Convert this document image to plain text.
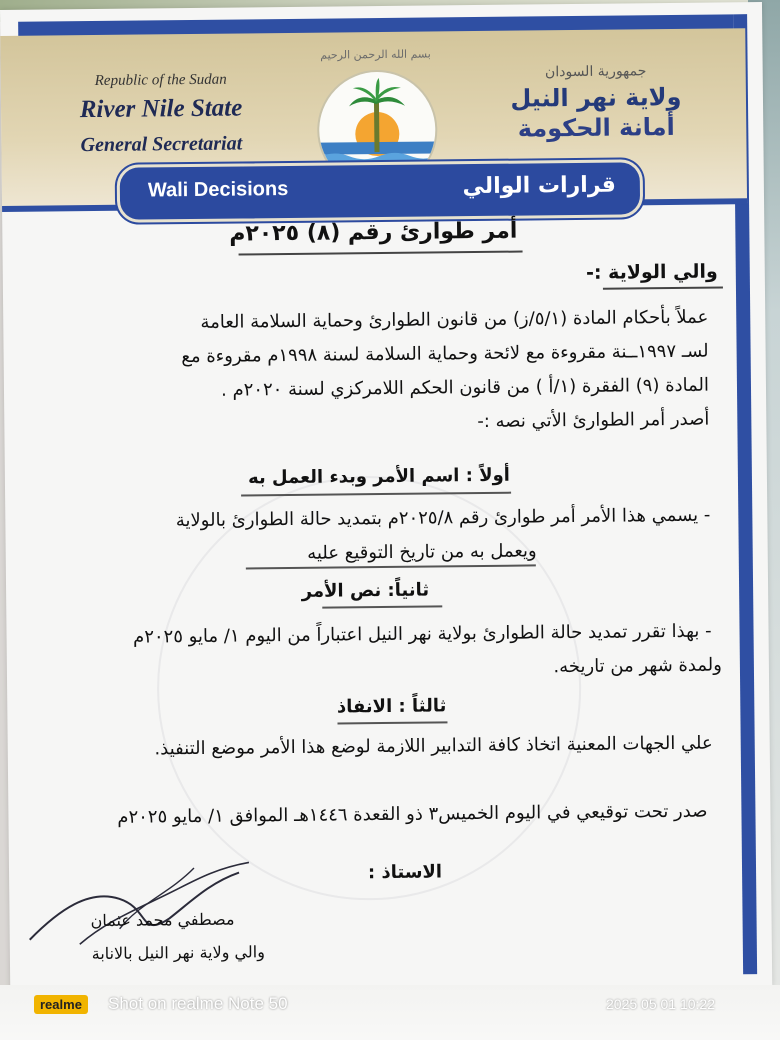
Republic of the Sudan
River Nile State
General Secretariat
بسم الله الرحمن الرحيم
جمهورية السودان
ولاية نهر النيل
أمانة الحكومة
Wali Decisions	قرارات الوالي
أمر طوارئ رقم (٨) ٢٠٢٥م
والي الولاية :-
عملاً بأحكام المادة (٥/١/ز) من قانون الطوارئ وحماية السلامة العامة
لسـ ١٩٩٧ــنة مقروءة مع لائحة وحماية السلامة لسنة ١٩٩٨م مقروءة مع
المادة (٩) الفقرة (١/أ ) من قانون الحكم اللامركزي لسنة ٢٠٢٠م .
أصدر أمر الطوارئ الأتي نصه :-
أولاً : اسم الأمر وبدء العمل به
- يسمي هذا الأمر أمر طوارئ رقم ٢٠٢٥/٨م بتمديد حالة الطوارئ بالولاية
ويعمل به من تاريخ التوقيع عليه
ثانياً: نص الأمر
- بهذا تقرر تمديد حالة الطوارئ بولاية نهر النيل اعتباراً من اليوم ١/ مايو ٢٠٢٥م
ولمدة شهر من تاريخه.
ثالثاً : الانفاذ
علي الجهات المعنية اتخاذ كافة التدابير اللازمة لوضع هذا الأمر موضع التنفيذ.
صدر تحت توقيعي في اليوم الخميس٣ ذو القعدة ١٤٤٦هـ الموافق ١/ مايو ٢٠٢٥م
الاستاذ :
مصطفي محمد عثمان
والي ولاية نهر النيل بالانابة
realme Shot on realme Note 50	2025 05 01 10:22
